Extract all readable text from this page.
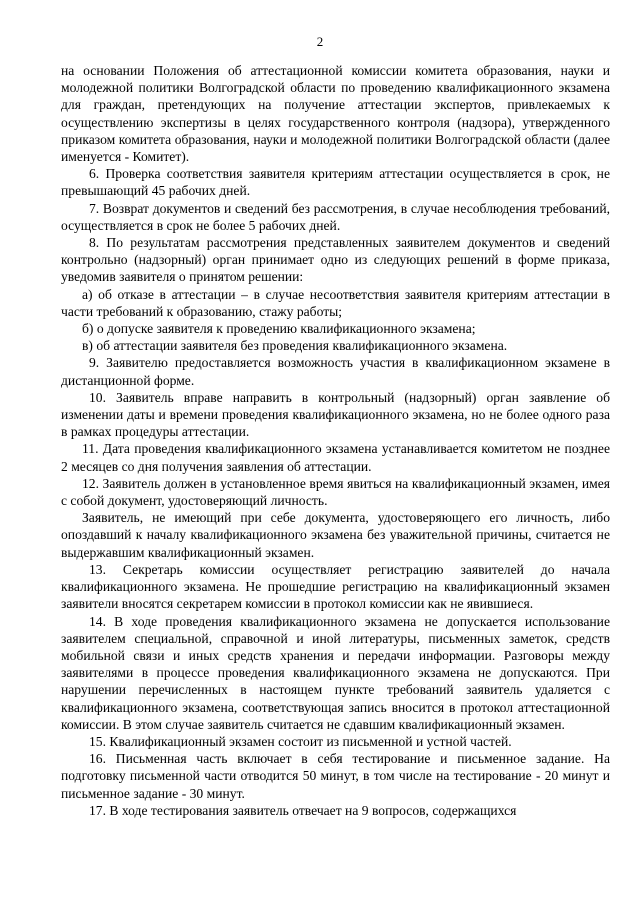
2

на основании Положения об аттестационной комиссии комитета образования, науки и молодежной политики Волгоградской области по проведению квалификационного экзамена для граждан, претендующих на получение аттестации экспертов, привлекаемых к осуществлению экспертизы в целях государственного контроля (надзора), утвержденного приказом комитета образования, науки и молодежной политики Волгоградской области (далее именуется - Комитет).

6. Проверка соответствия заявителя критериям аттестации осуществляется в срок, не превышающий 45 рабочих дней.

7. Возврат документов и сведений без рассмотрения, в случае несоблюдения требований, осуществляется в срок не более 5 рабочих дней.

8. По результатам рассмотрения представленных заявителем документов и сведений контрольно (надзорный) орган принимает одно из следующих решений в форме приказа, уведомив заявителя о принятом решении:

а) об отказе в аттестации – в случае несоответствия заявителя критериям аттестации в части требований к образованию, стажу работы;

б) о допуске заявителя к проведению квалификационного экзамена;

в) об аттестации заявителя без проведения квалификационного экзамена.

9. Заявителю предоставляется возможность участия в квалификационном экзамене в дистанционной форме.

10. Заявитель вправе направить в контрольный (надзорный) орган заявление об изменении даты и времени проведения квалификационного экзамена, но не более одного раза в рамках процедуры аттестации.

11. Дата проведения квалификационного экзамена устанавливается комитетом не позднее 2 месяцев со дня получения заявления об аттестации.

12. Заявитель должен в установленное время явиться на квалификационный экзамен, имея с собой документ, удостоверяющий личность.

Заявитель, не имеющий при себе документа, удостоверяющего его личность, либо опоздавший к началу квалификационного экзамена без уважительной причины, считается не выдержавшим квалификационный экзамен.

13. Секретарь комиссии осуществляет регистрацию заявителей до начала квалификационного экзамена. Не прошедшие регистрацию на квалификационный экзамен заявители вносятся секретарем комиссии в протокол комиссии как не явившиеся.

14. В ходе проведения квалификационного экзамена не допускается использование заявителем специальной, справочной и иной литературы, письменных заметок, средств мобильной связи и иных средств хранения и передачи информации. Разговоры между заявителями в процессе проведения квалификационного экзамена не допускаются. При нарушении перечисленных в настоящем пункте требований заявитель удаляется с квалификационного экзамена, соответствующая запись вносится в протокол аттестационной комиссии. В этом случае заявитель считается не сдавшим квалификационный экзамен.

15. Квалификационный экзамен состоит из письменной и устной частей.

16. Письменная часть включает в себя тестирование и письменное задание. На подготовку письменной части отводится 50 минут, в том числе на тестирование - 20 минут и письменное задание - 30 минут.

17. В ходе тестирования заявитель отвечает на 9 вопросов, содержащихся
